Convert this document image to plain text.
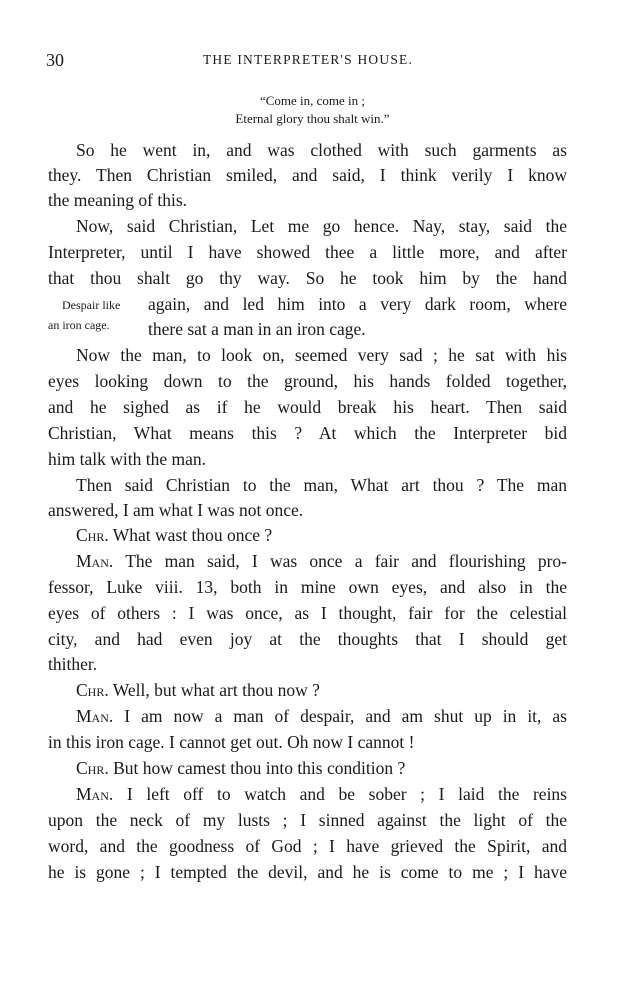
30	THE INTERPRETER'S HOUSE.
“Come in, come in ;
Eternal glory thou shalt win.”
Despair like
an iron cage.
So he went in, and was clothed with such garments as
they. Then Christian smiled, and said, I think verily I know
the meaning of this.
Now, said Christian, Let me go hence. Nay, stay, said the
Interpreter, until I have showed thee a little more, and after
that thou shalt go thy way. So he took him by the hand
again, and led him into a very dark room, where
there sat a man in an iron cage.
Now the man, to look on, seemed very sad ; he sat with his
eyes looking down to the ground, his hands folded together,
and he sighed as if he would break his heart. Then said
Christian, What means this ? At which the Interpreter bid
him talk with the man.
Then said Christian to the man, What art thou ? The man
answered, I am what I was not once.
Chr. What wast thou once ?
Man. The man said, I was once a fair and flourishing pro-
fessor, Luke viii. 13, both in mine own eyes, and also in the
eyes of others : I was once, as I thought, fair for the celestial
city, and had even joy at the thoughts that I should get
thither.
Chr. Well, but what art thou now ?
Man. I am now a man of despair, and am shut up in it, as
in this iron cage. I cannot get out. Oh now I cannot !
Chr. But how camest thou into this condition ?
Man. I left off to watch and be sober ; I laid the reins
upon the neck of my lusts ; I sinned against the light of the
word, and the goodness of God ; I have grieved the Spirit, and
he is gone ; I tempted the devil, and he is come to me ; I have
